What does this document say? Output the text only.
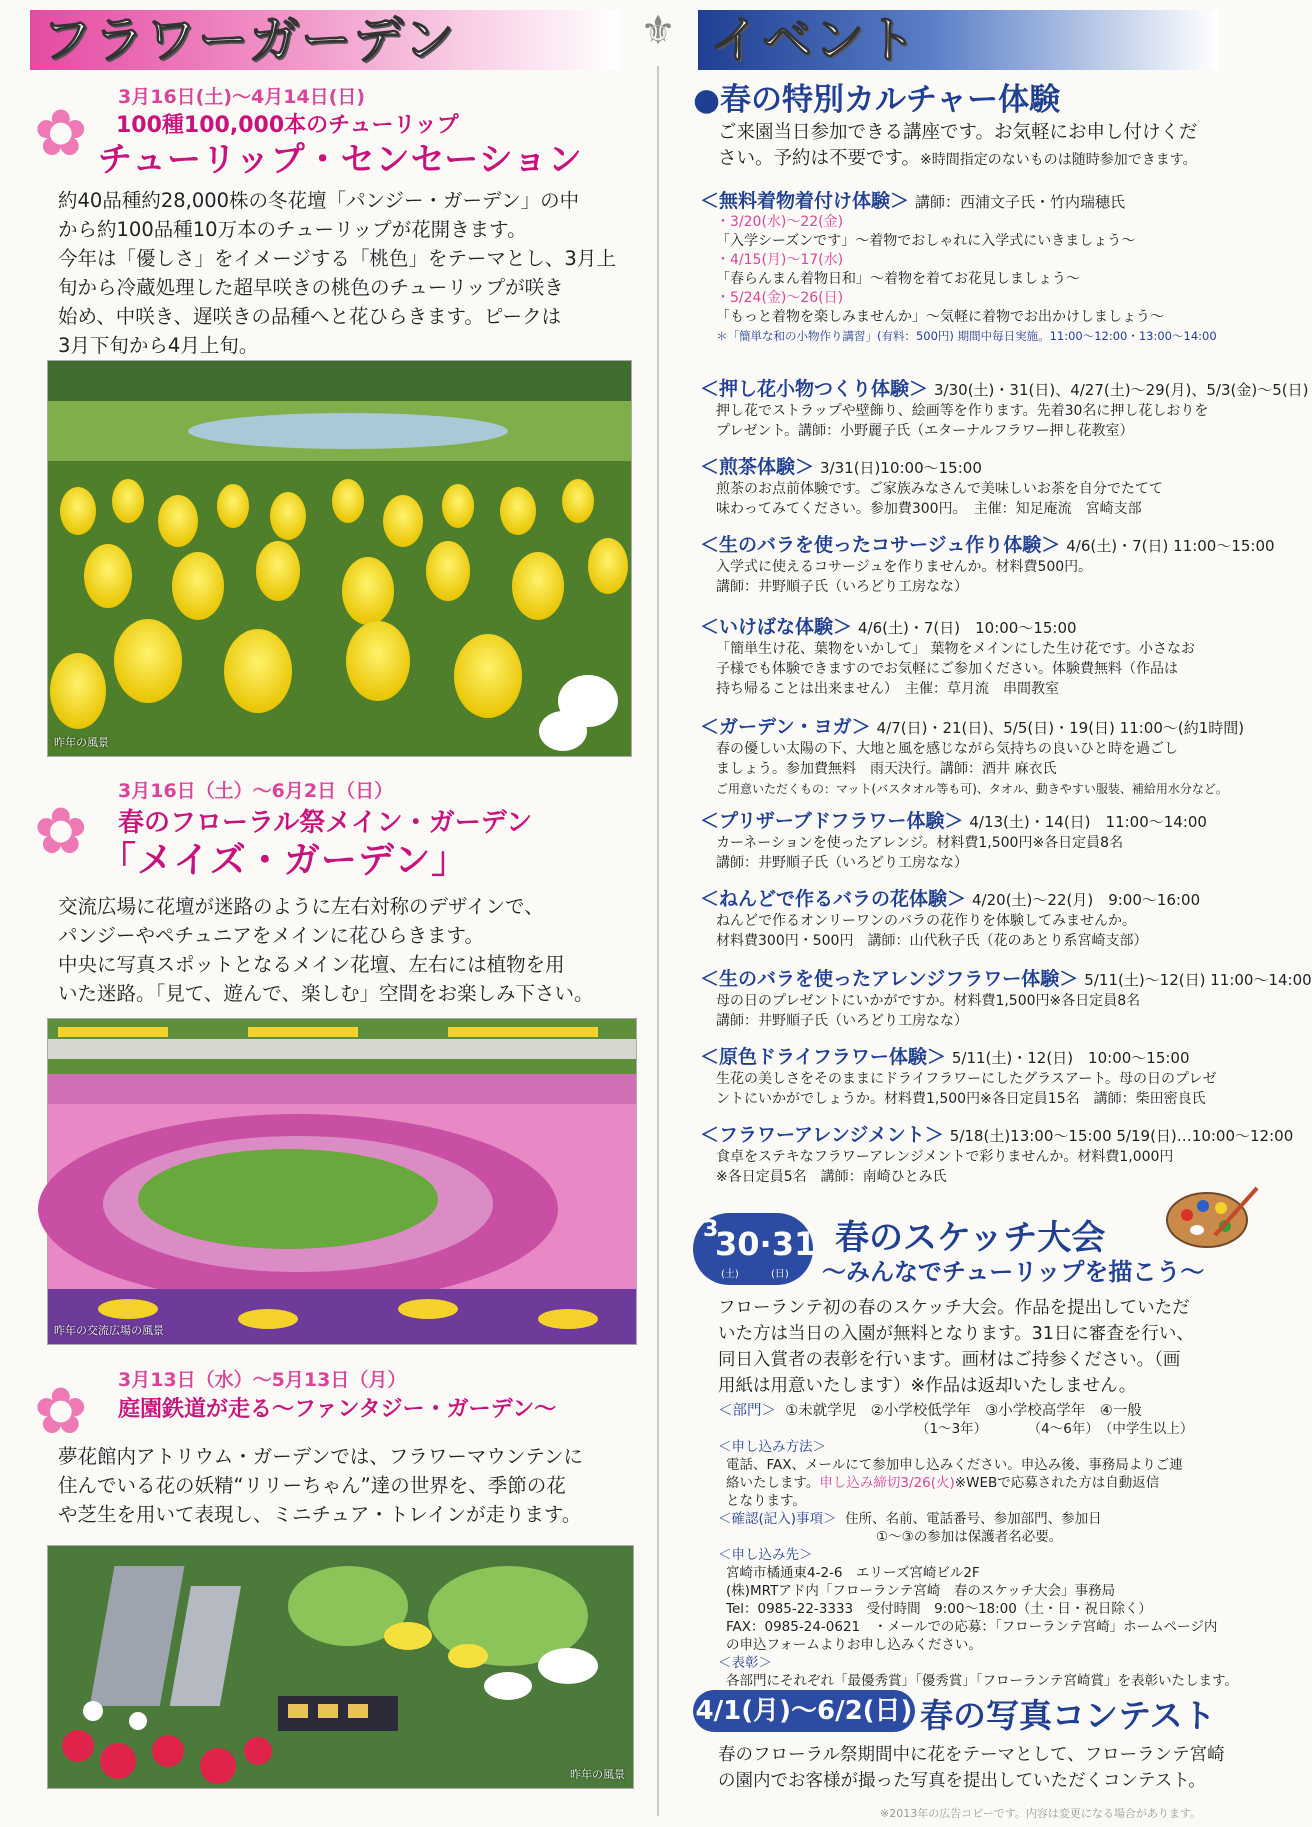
フラワーガーデン	⚜ イベント
✿ 3月16日(土)〜4月14日(日)
100種100,000本のチューリップ
チューリップ・センセーション
約40品種約28,000株の冬花壇「パンジー・ガーデン」の中
から約100品種10万本のチューリップが花開きます。
今年は「優しさ」をイメージする「桃色」をテーマとし、3月上
旬から冷蔵処理した超早咲きの桃色のチューリップが咲き
始め、中咲き、遅咲きの品種へと花ひらきます。ピークは
3月下旬から4月上旬。
昨年の風景
3月16日（土）〜6月2日（日）
✿ 春のフローラル祭メイン・ガーデン
「メイズ・ガーデン」
交流広場に花壇が迷路のように左右対称のデザインで、
パンジーやペチュニアをメインに花ひらきます。
中央に写真スポットとなるメイン花壇、左右には植物を用
いた迷路。「見て、遊んで、楽しむ」空間をお楽しみ下さい。
昨年の交流広場の風景
3月13日（水）〜5月13日（月）
✿ 庭園鉄道が走る〜ファンタジー・ガーデン〜
夢花館内アトリウム・ガーデンでは、フラワーマウンテンに
住んでいる花の妖精“リリーちゃん”達の世界を、季節の花
や芝生を用いて表現し、ミニチュア・トレインが走ります。
昨年の風景
●春の特別カルチャー体験
ご来園当日参加できる講座です。お気軽にお申し付けくだ
さい。予約は不要です。※時間指定のないものは随時参加できます。
＜無料着物着付け体験＞ 講師：西浦文子氏・竹内瑞穂氏
・3/20(水)〜22(金)
「入学シーズンです」〜着物でおしゃれに入学式にいきましょう〜
・4/15(月)〜17(水)
「春らんまん着物日和」〜着物を着てお花見しましょう〜
・5/24(金)〜26(日)
「もっと着物を楽しみませんか」〜気軽に着物でお出かけしましょう〜
＊「簡単な和の小物作り講習」(有料：500円) 期間中毎日実施。11:00〜12:00・13:00〜14:00
＜押し花小物つくり体験＞ 3/30(土)・31(日)、4/27(土)〜29(月)、5/3(金)〜5(日)
押し花でストラップや壁飾り、絵画等を作ります。先着30名に押し花しおりを
プレゼント。講師：小野麗子氏（エターナルフラワー押し花教室）
＜煎茶体験＞ 3/31(日)10:00〜15:00
煎茶のお点前体験です。ご家族みなさんで美味しいお茶を自分でたてて
味わってみてください。参加費300円。　主催：知足庵流　宮崎支部
＜生のバラを使ったコサージュ作り体験＞ 4/6(土)・7(日) 11:00〜15:00
入学式に使えるコサージュを作りませんか。材料費500円。
講師：井野順子氏（いろどり工房なな）
＜いけばな体験＞ 4/6(土)・7(日)　10:00〜15:00
「簡単生け花、葉物をいかして」 葉物をメインにした生け花です。小さなお
子様でも体験できますのでお気軽にご参加ください。体験費無料（作品は
持ち帰ることは出来ません）　主催：草月流　串間教室
＜ガーデン・ヨガ＞ 4/7(日)・21(日)、5/5(日)・19(日) 11:00〜(約1時間)
春の優しい太陽の下、大地と風を感じながら気持ちの良いひと時を過ごし
ましょう。参加費無料　雨天決行。講師：酒井 麻衣氏
ご用意いただくもの：マット(バスタオル等も可)、タオル、動きやすい服装、補給用水分など。
＜プリザーブドフラワー体験＞ 4/13(土)・14(日)　11:00〜14:00
カーネーションを使ったアレンジ。材料費1,500円※各日定員8名
講師：井野順子氏（いろどり工房なな）
＜ねんどで作るバラの花体験＞ 4/20(土)〜22(月)　9:00〜16:00
ねんどで作るオンリーワンのバラの花作りを体験してみませんか。
材料費300円・500円　講師：山代秋子氏（花のあとり系宮崎支部）
＜生のバラを使ったアレンジフラワー体験＞ 5/11(土)〜12(日) 11:00〜14:00
母の日のプレゼントにいかがですか。材料費1,500円※各日定員8名
講師：井野順子氏（いろどり工房なな）
＜原色ドライフラワー体験＞ 5/11(土)・12(日)　10:00〜15:00
生花の美しさをそのままにドライフラワーにしたグラスアート。母の日のプレゼ
ントにいかがでしょうか。材料費1,500円※各日定員15名　講師：柴田密良氏
＜フラワーアレンジメント＞ 5/18(土)13:00〜15:00 5/19(日)…10:00〜12:00
食卓をステキなフラワーアレンジメントで彩りませんか。材料費1,000円
※各日定員5名　講師：南崎ひとみ氏
3
30·31
(土)	(日)
春のスケッチ大会
〜みんなでチューリップを描こう〜
フローランテ初の春のスケッチ大会。作品を提出していただ
いた方は当日の入園が無料となります。31日に審査を行い、
同日入賞者の表彰を行います。画材はご持参ください。（画
用紙は用意いたします）※作品は返却いたしません。
＜部門＞ ①未就学児　②小学校低学年　③小学校高学年　④一般
（1〜3年）　　　　（4〜6年）　（中学生以上）
＜申し込み方法＞
電話、FAX、メールにて参加申し込みください。申込み後、事務局よりご連
絡いたします。申し込み締切3/26(火)※WEBで応募された方は自動返信
となります。
＜確認(記入)事項＞ 住所、名前、電話番号、参加部門、参加日
①〜③の参加は保護者名必要。
＜申し込み先＞
宮崎市橘通東4-2-6　エリーズ宮崎ビル2F
(株)MRTアド内「フローランテ宮崎　春のスケッチ大会」事務局
Tel：0985-22-3333　受付時間　9:00〜18:00（土・日・祝日除く）
FAX：0985-24-0621　・メールでの応募：「フローランテ宮崎」ホームページ内
の申込フォームよりお申し込みください。
＜表彰＞
各部門にそれぞれ「最優秀賞」「優秀賞」「フローランテ宮崎賞」を表彰いたします。
4/1(月)〜6/2(日) 春の写真コンテスト
春のフローラル祭期間中に花をテーマとして、フローランテ宮崎
の園内でお客様が撮った写真を提出していただくコンテスト。
※2013年の広告コピーです。内容は変更になる場合があります。
